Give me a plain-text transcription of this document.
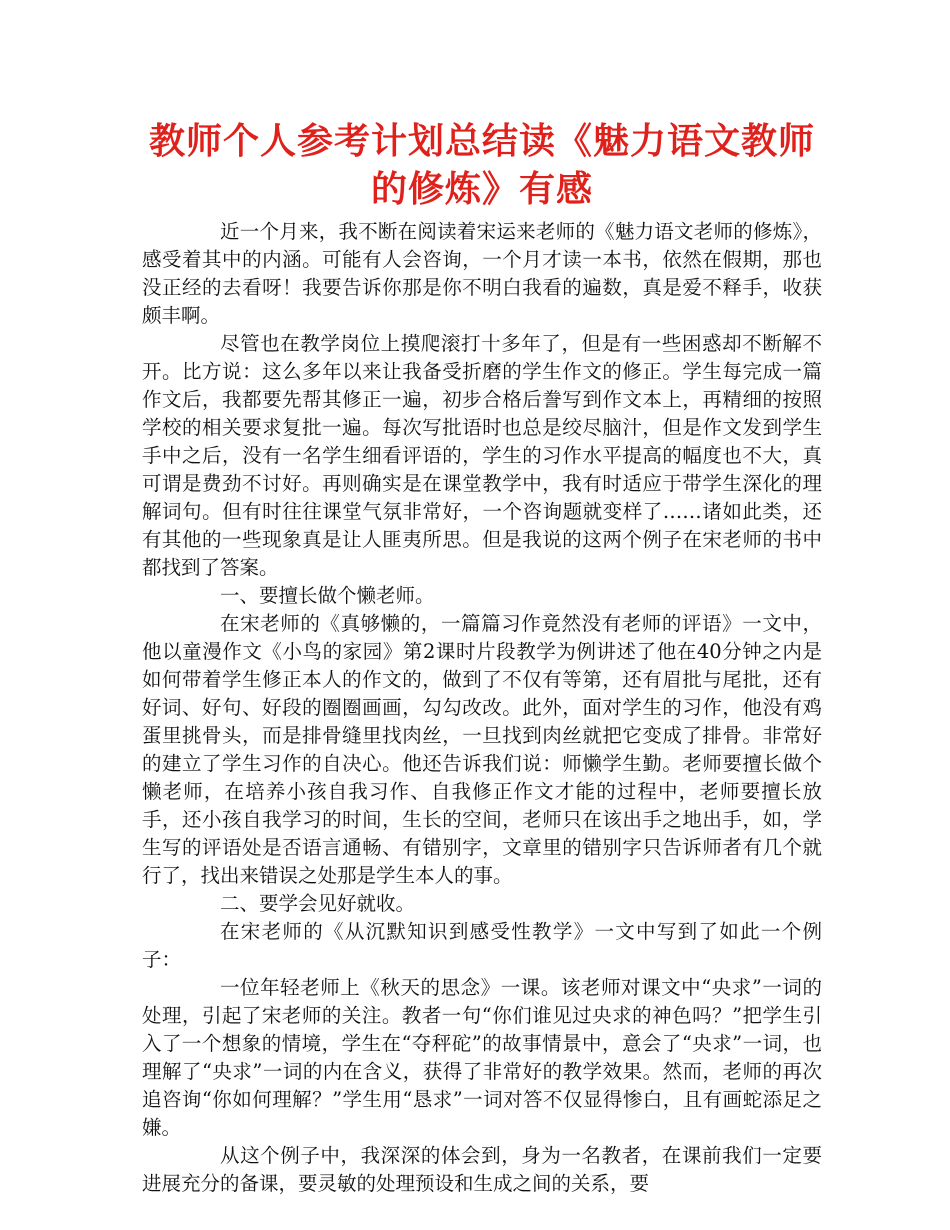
教师个人参考计划总结读《魅力语文教师的修炼》有感

近一个月来，我不断在阅读着宋运来老师的《魅力语文老师的修炼》，感受着其中的内涵。可能有人会咨询，一个月才读一本书，依然在假期，那也没正经的去看呀！我要告诉你那是你不明白我看的遍数，真是爱不释手，收获颇丰啊。

尽管也在教学岗位上摸爬滚打十多年了，但是有一些困惑却不断解不开。比方说：这么多年以来让我备受折磨的学生作文的修正。学生每完成一篇作文后，我都要先帮其修正一遍，初步合格后誊写到作文本上，再精细的按照学校的相关要求复批一遍。每次写批语时也总是绞尽脑汁，但是作文发到学生手中之后，没有一名学生细看评语的，学生的习作水平提高的幅度也不大，真可谓是费劲不讨好。再则确实是在课堂教学中，我有时适应于带学生深化的理解词句。但有时往往课堂气氛非常好，一个咨询题就变样了……诸如此类，还有其他的一些现象真是让人匪夷所思。但是我说的这两个例子在宋老师的书中都找到了答案。

一、要擅长做个懒老师。

在宋老师的《真够懒的，一篇篇习作竟然没有老师的评语》一文中，他以童漫作文《小鸟的家园》第2课时片段教学为例讲述了他在40分钟之内是如何带着学生修正本人的作文的，做到了不仅有等第，还有眉批与尾批，还有好词、好句、好段的圈圈画画，勾勾改改。此外，面对学生的习作，他没有鸡蛋里挑骨头，而是排骨缝里找肉丝，一旦找到肉丝就把它变成了排骨。非常好的建立了学生习作的自决心。他还告诉我们说：师懒学生勤。老师要擅长做个懒老师，在培养小孩自我习作、自我修正作文才能的过程中，老师要擅长放手，还小孩自我学习的时间，生长的空间，老师只在该出手之地出手，如，学生写的评语处是否语言通畅、有错别字，文章里的错别字只告诉师者有几个就行了，找出来错误之处那是学生本人的事。

二、要学会见好就收。

在宋老师的《从沉默知识到感受性教学》一文中写到了如此一个例子：

一位年轻老师上《秋天的思念》一课。该老师对课文中“央求”一词的处理，引起了宋老师的关注。教者一句“你们谁见过央求的神色吗？”把学生引入了一个想象的情境，学生在“夺秤砣”的故事情景中，意会了“央求”一词，也理解了“央求”一词的内在含义，获得了非常好的教学效果。然而，老师的再次追咨询“你如何理解？”学生用“恳求”一词对答不仅显得惨白，且有画蛇添足之嫌。

从这个例子中，我深深的体会到，身为一名教者，在课前我们一定要进展充分的备课，要灵敏的处理预设和生成之间的关系，要
